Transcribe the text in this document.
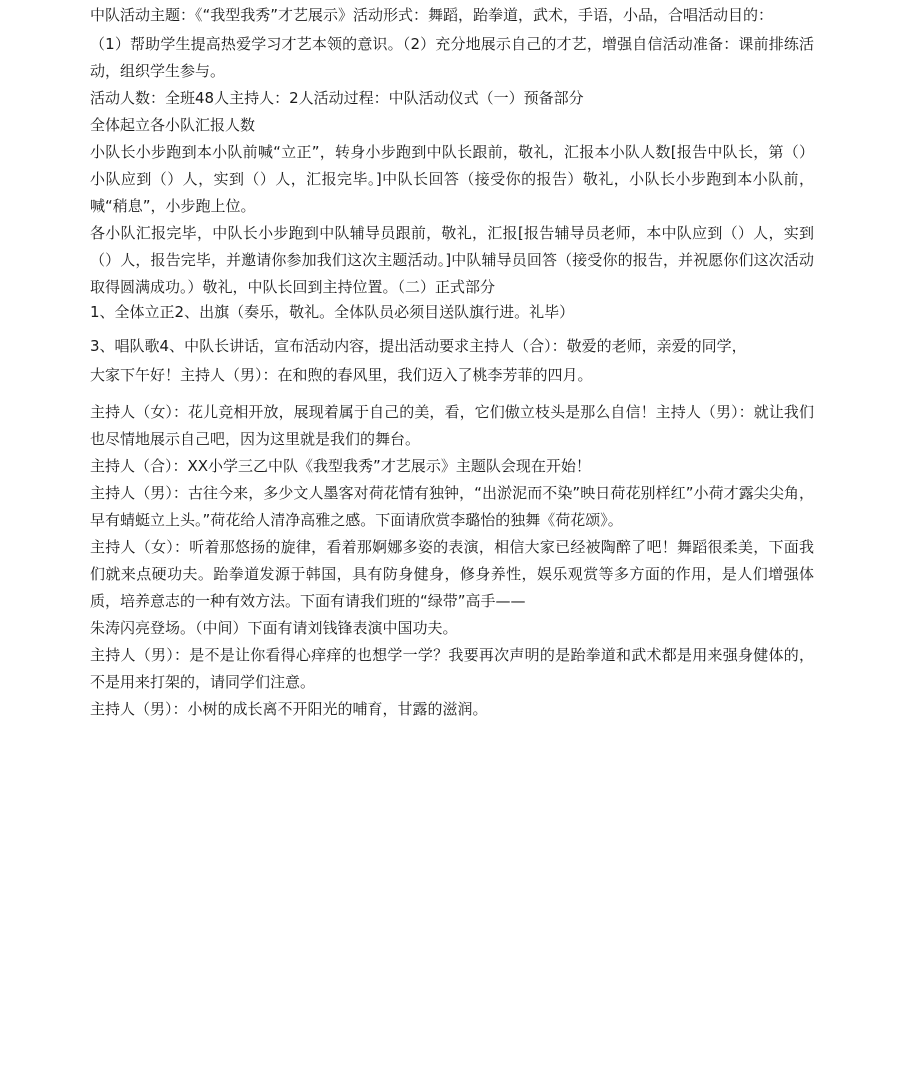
中队活动主题：《“我型我秀”才艺展示》活动形式：舞蹈，跆拳道，武术，手语，小品，合唱活动目的：

（1）帮助学生提高热爱学习才艺本领的意识。（2）充分地展示自己的才艺，增强自信活动准备：课前排练活动，组织学生参与。

活动人数：全班48人主持人：2人活动过程：中队活动仪式（一）预备部分

全体起立各小队汇报人数

小队长小步跑到本小队前喊“立正”，转身小步跑到中队长跟前，敬礼，汇报本小队人数[报告中队长，第（）小队应到（）人，实到（）人，汇报完毕。]中队长回答（接受你的报告）敬礼，小队长小步跑到本小队前，喊“稍息”，小步跑上位。

各小队汇报完毕，中队长小步跑到中队辅导员跟前，敬礼，汇报[报告辅导员老师，本中队应到（）人，实到（）人，报告完毕，并邀请你参加我们这次主题活动。]中队辅导员回答（接受你的报告，并祝愿你们这次活动取得圆满成功。）敬礼，中队长回到主持位置。（二）正式部分

1、全体立正2、出旗（奏乐，敬礼。全体队员必须目送队旗行进。礼毕）

3、唱队歌4、中队长讲话，宣布活动内容，提出活动要求主持人（合）：敬爱的老师，亲爱的同学，

大家下午好！主持人（男）：在和煦的春风里，我们迈入了桃李芳菲的四月。

主持人（女）：花儿竞相开放，展现着属于自己的美，看，它们傲立枝头是那么自信！主持人（男）：就让我们也尽情地展示自己吧，因为这里就是我们的舞台。

主持人（合）：XX小学三乙中队《我型我秀”才艺展示》主题队会现在开始！

主持人（男）：古往今来，多少文人墨客对荷花情有独钟，“出淤泥而不染”映日荷花别样红”小荷才露尖尖角，早有蜻蜓立上头。”荷花给人清净高雅之感。下面请欣赏李璐怡的独舞《荷花颂》。

主持人（女）：听着那悠扬的旋律，看着那婀娜多姿的表演，相信大家已经被陶醉了吧！舞蹈很柔美，下面我们就来点硬功夫。跆拳道发源于韩国，具有防身健身，修身养性，娱乐观赏等多方面的作用，是人们增强体质，培养意志的一种有效方法。下面有请我们班的“绿带”高手——

朱涛闪亮登场。（中间）下面有请刘钱锋表演中国功夫。

主持人（男）：是不是让你看得心痒痒的也想学一学？我要再次声明的是跆拳道和武术都是用来强身健体的，不是用来打架的，请同学们注意。

主持人（男）：小树的成长离不开阳光的哺育，甘露的滋润。
